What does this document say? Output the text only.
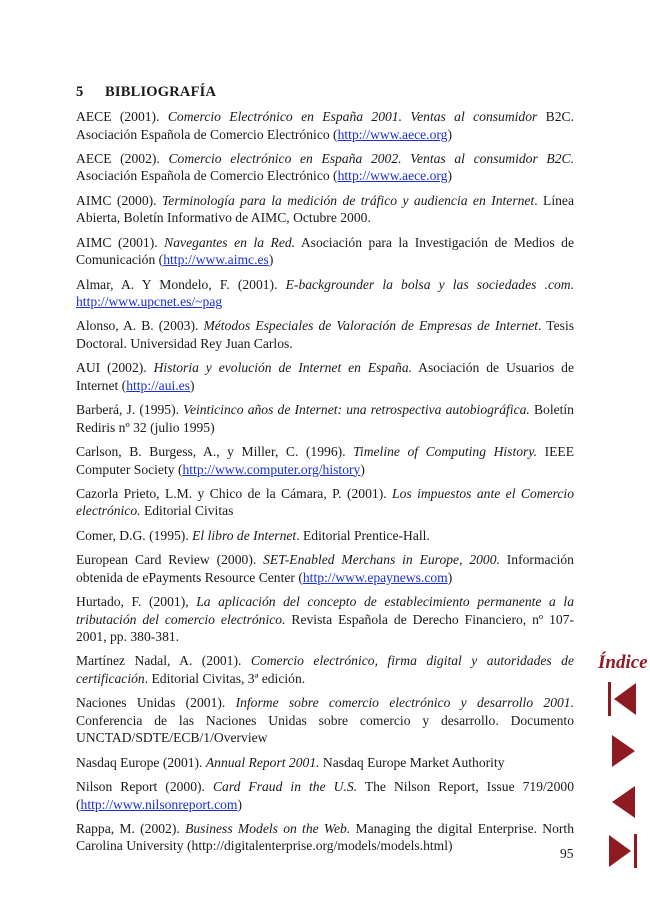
5 BIBLIOGRAFÍA
AECE (2001). Comercio Electrónico en España 2001. Ventas al consumidor B2C. Asociación Española de Comercio Electrónico (http://www.aece.org)
AECE (2002). Comercio electrónico en España 2002. Ventas al consumidor B2C. Asociación Española de Comercio Electrónico (http://www.aece.org)
AIMC (2000). Terminología para la medición de tráfico y audiencia en Internet. Línea Abierta, Boletín Informativo de AIMC, Octubre 2000.
AIMC (2001). Navegantes en la Red. Asociación para la Investigación de Medios de Comunicación (http://www.aimc.es)
Almar, A. Y Mondelo, F. (2001). E-backgrounder la bolsa y las sociedades .com. http://www.upcnet.es/~pag
Alonso, A. B. (2003). Métodos Especiales de Valoración de Empresas de Internet. Tesis Doctoral. Universidad Rey Juan Carlos.
AUI (2002). Historia y evolución de Internet en España. Asociación de Usuarios de Internet (http://aui.es)
Barberá, J. (1995). Veinticinco años de Internet: una retrospectiva autobiográfica. Boletín Rediris nº 32 (julio 1995)
Carlson, B. Burgess, A., y Miller, C. (1996). Timeline of Computing History. IEEE Computer Society (http://www.computer.org/history)
Cazorla Prieto, L.M. y Chico de la Cámara, P. (2001). Los impuestos ante el Comercio electrónico. Editorial Civitas
Comer, D.G. (1995). El libro de Internet. Editorial Prentice-Hall.
European Card Review (2000). SET-Enabled Merchans in Europe, 2000. Información obtenida de ePayments Resource Center (http://www.epaynews.com)
Hurtado, F. (2001), La aplicación del concepto de establecimiento permanente a la tributación del comercio electrónico. Revista Española de Derecho Financiero, nº 107-2001, pp. 380-381.
Martínez Nadal, A. (2001). Comercio electrónico, firma digital y autoridades de certificación. Editorial Civitas, 3ª edición.
Naciones Unidas (2001). Informe sobre comercio electrónico y desarrollo 2001. Conferencia de las Naciones Unidas sobre comercio y desarrollo. Documento UNCTAD/SDTE/ECB/1/Overview
Nasdaq Europe (2001). Annual Report 2001. Nasdaq Europe Market Authority
Nilson Report (2000). Card Fraud in the U.S. The Nilson Report, Issue 719/2000 (http://www.nilsonreport.com)
Rappa, M. (2002). Business Models on the Web. Managing the digital Enterprise. North Carolina University (http://digitalenterprise.org/models/models.html)
95
Índice
